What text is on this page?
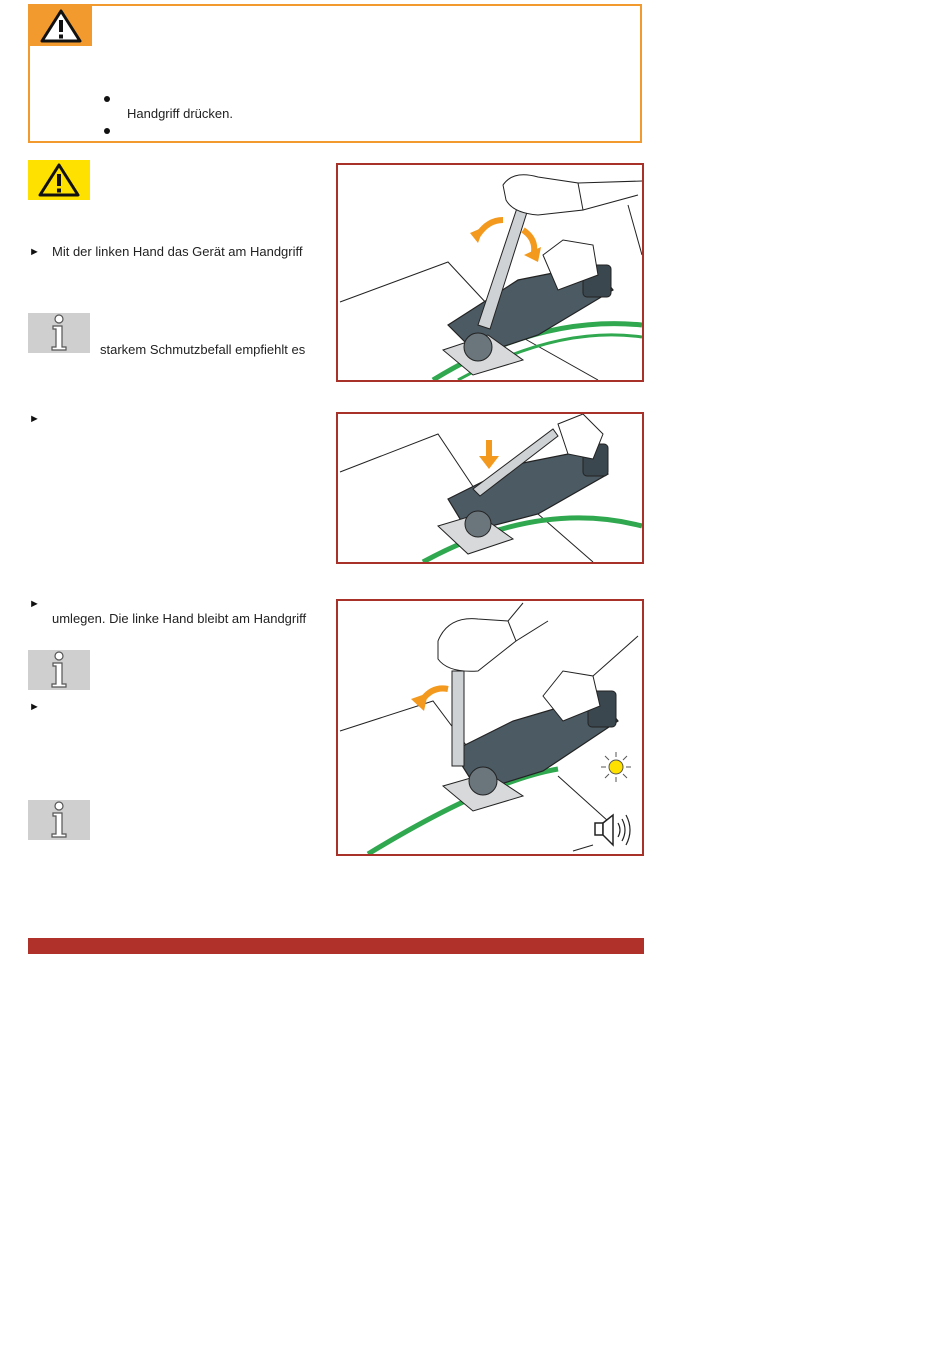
Handgriff drücken.
► Mit der linken Hand das Gerät am Handgriff
starkem Schmutzbefall empfiehlt es
►
►
umlegen. Die linke Hand bleibt am Handgriff
►
